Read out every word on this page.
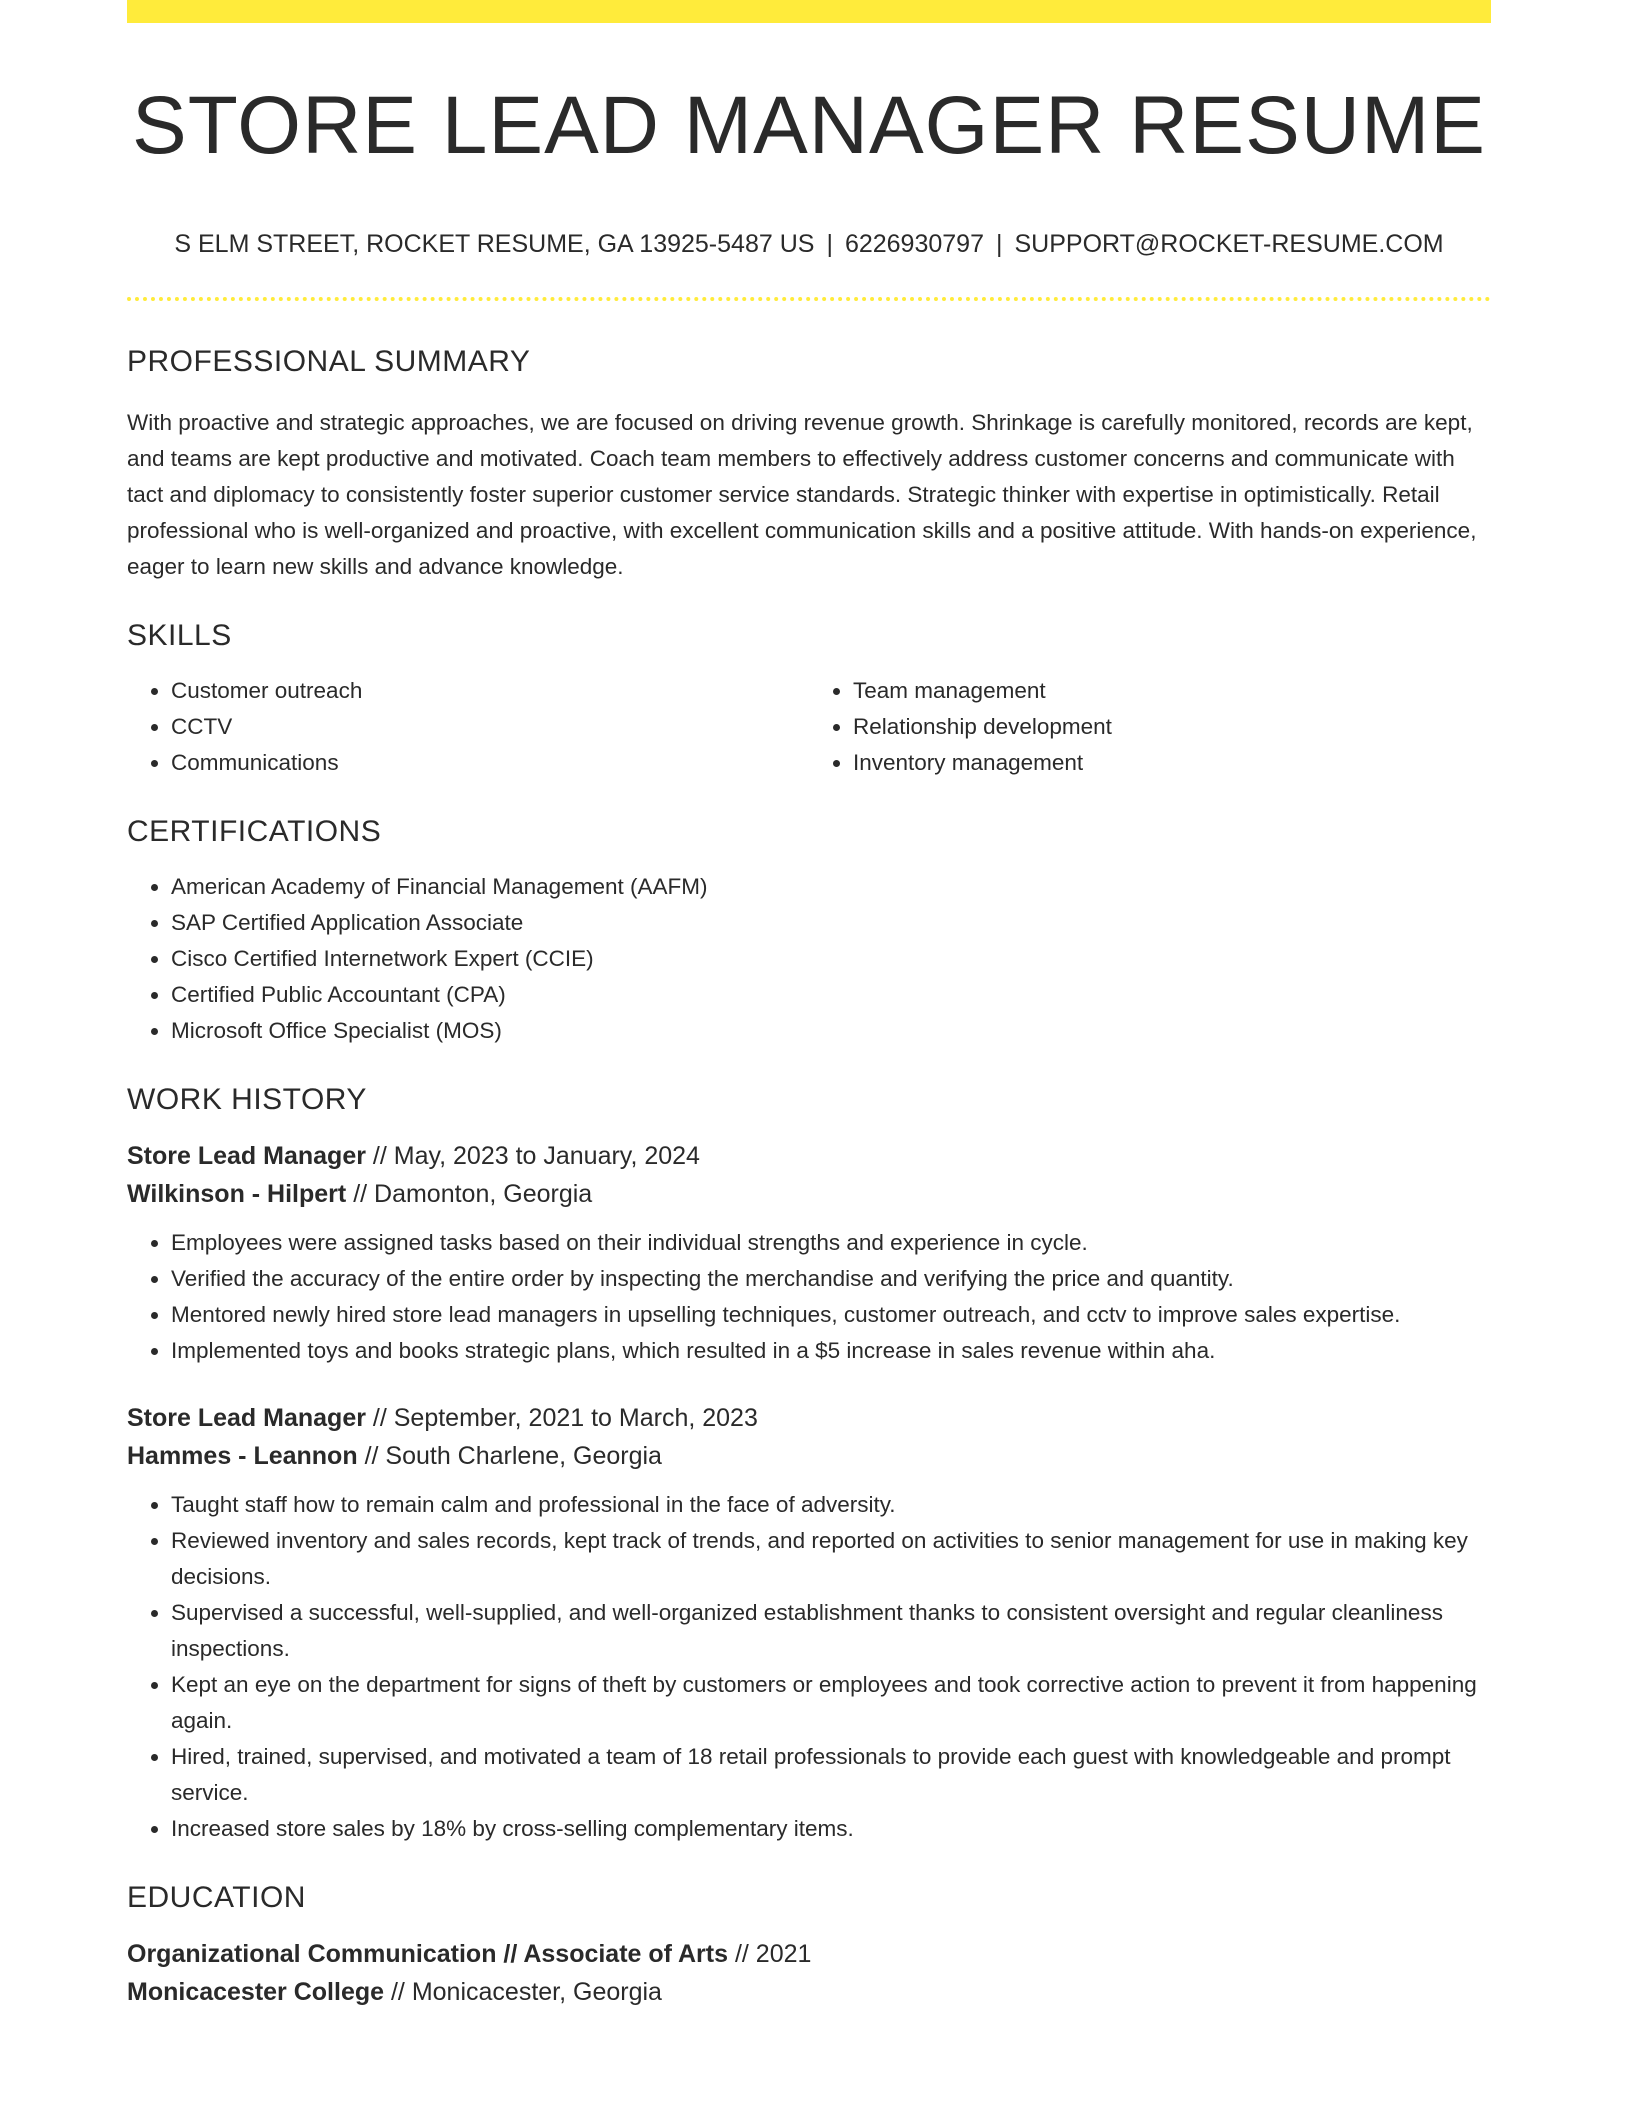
STORE LEAD MANAGER RESUME
S ELM STREET, ROCKET RESUME, GA 13925-5487 US | 6226930797 | SUPPORT@ROCKET-RESUME.COM
PROFESSIONAL SUMMARY

With proactive and strategic approaches, we are focused on driving revenue growth. Shrinkage is carefully monitored, records are kept, and teams are kept productive and motivated. Coach team members to effectively address customer concerns and communicate with tact and diplomacy to consistently foster superior customer service standards. Strategic thinker with expertise in optimistically. Retail professional who is well-organized and proactive, with excellent communication skills and a positive attitude. With hands-on experience, eager to learn new skills and advance knowledge.

SKILLS
• Customer outreach
• CCTV
• Communications
• Team management
• Relationship development
• Inventory management
CERTIFICATIONS
• American Academy of Financial Management (AAFM)
• SAP Certified Application Associate
• Cisco Certified Internetwork Expert (CCIE)
• Certified Public Accountant (CPA)
• Microsoft Office Specialist (MOS)
WORK HISTORY
Store Lead Manager // May, 2023 to January, 2024
Wilkinson - Hilpert // Damonton, Georgia
• Employees were assigned tasks based on their individual strengths and experience in cycle.
• Verified the accuracy of the entire order by inspecting the merchandise and verifying the price and quantity.
• Mentored newly hired store lead managers in upselling techniques, customer outreach, and cctv to improve sales expertise.
• Implemented toys and books strategic plans, which resulted in a $5 increase in sales revenue within aha.
Store Lead Manager // September, 2021 to March, 2023
Hammes - Leannon // South Charlene, Georgia
• Taught staff how to remain calm and professional in the face of adversity.
• Reviewed inventory and sales records, kept track of trends, and reported on activities to senior management for use in making key decisions.
• Supervised a successful, well-supplied, and well-organized establishment thanks to consistent oversight and regular cleanliness inspections.
• Kept an eye on the department for signs of theft by customers or employees and took corrective action to prevent it from happening again.
• Hired, trained, supervised, and motivated a team of 18 retail professionals to provide each guest with knowledgeable and prompt service.
• Increased store sales by 18% by cross-selling complementary items.
EDUCATION
Organizational Communication // Associate of Arts // 2021
Monicacester College // Monicacester, Georgia
